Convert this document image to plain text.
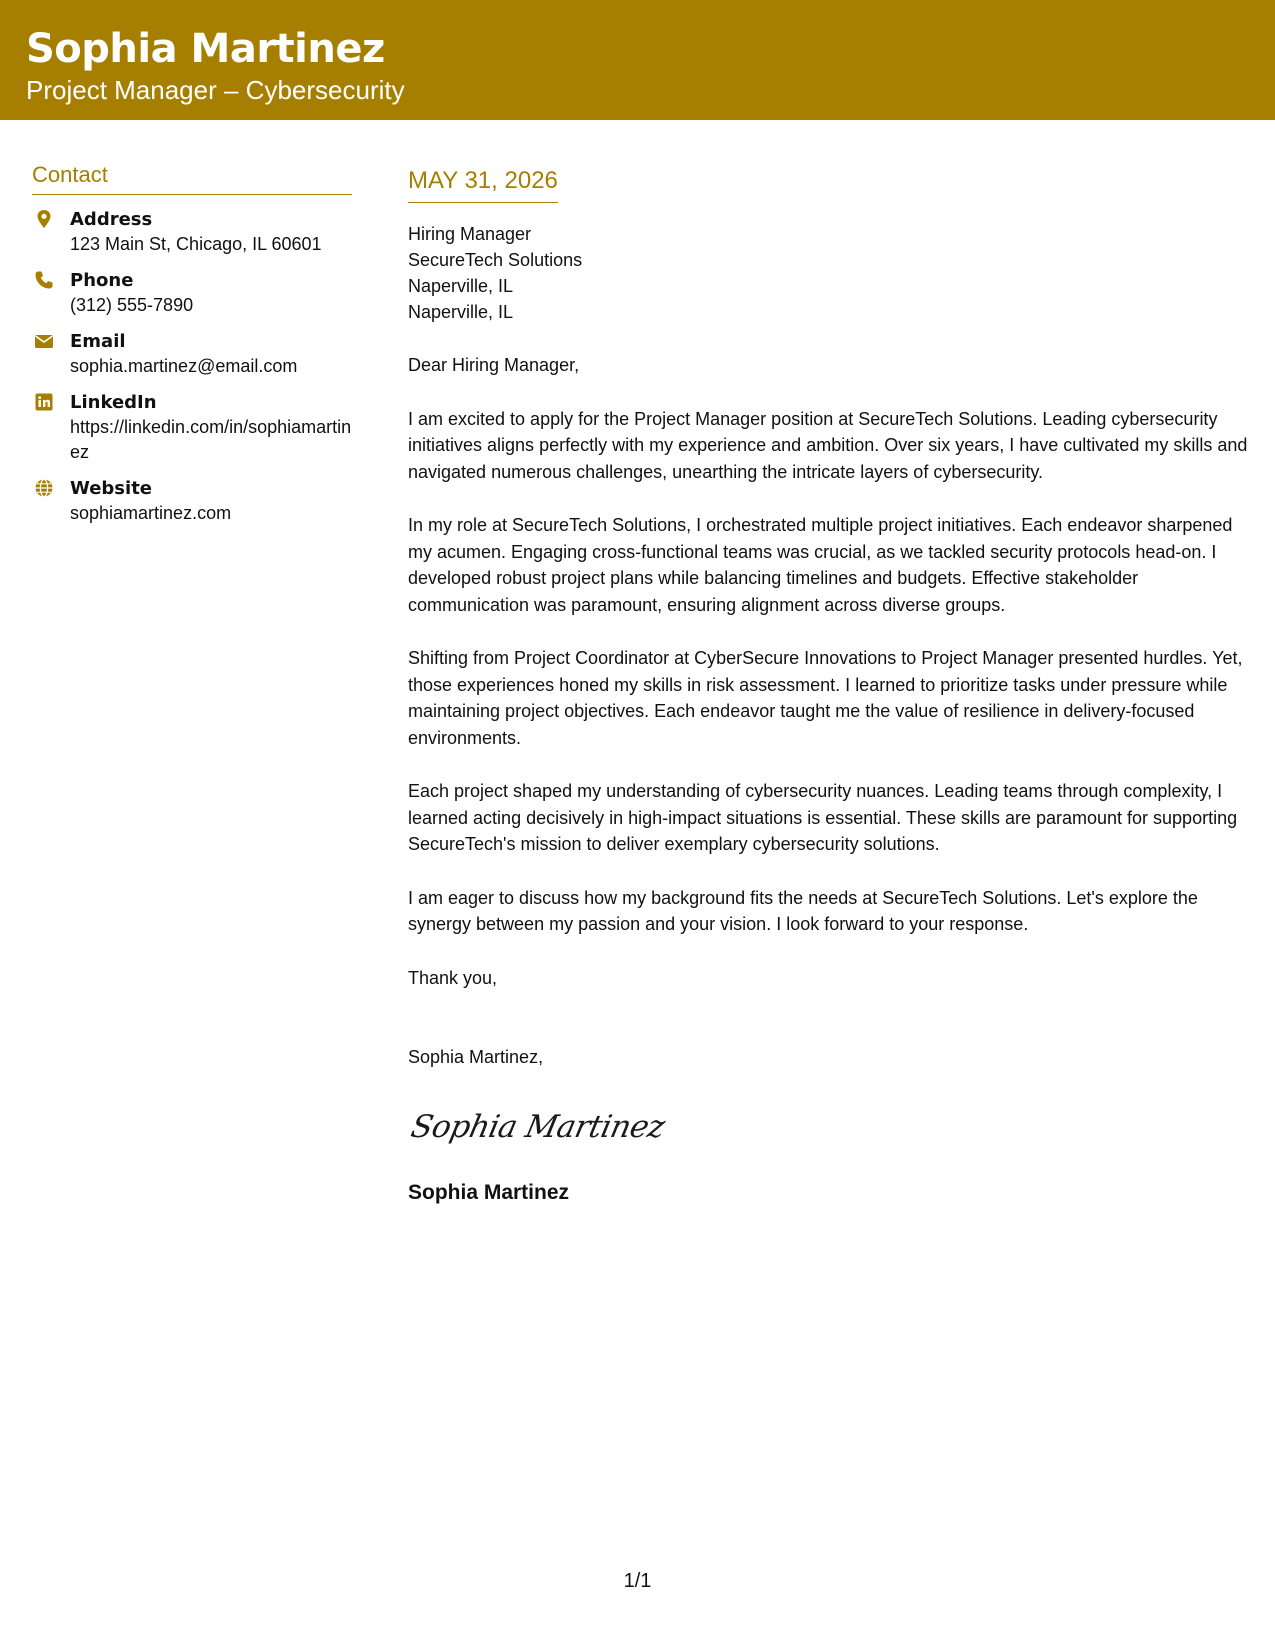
Sophia Martinez
Project Manager – Cybersecurity
Contact
Address
123 Main St, Chicago, IL 60601
Phone
(312) 555-7890
Email
sophia.martinez@email.com
LinkedIn
https://linkedin.com/in/sophiamartinez
Website
sophiamartinez.com
MAY 31, 2026
Hiring Manager
SecureTech Solutions
Naperville, IL
Naperville, IL

Dear Hiring Manager,

I am excited to apply for the Project Manager position at SecureTech Solutions. Leading cybersecurity initiatives aligns perfectly with my experience and ambition. Over six years, I have cultivated my skills and navigated numerous challenges, unearthing the intricate layers of cybersecurity.

In my role at SecureTech Solutions, I orchestrated multiple project initiatives. Each endeavor sharpened my acumen. Engaging cross-functional teams was crucial, as we tackled security protocols head-on. I developed robust project plans while balancing timelines and budgets. Effective stakeholder communication was paramount, ensuring alignment across diverse groups.

Shifting from Project Coordinator at CyberSecure Innovations to Project Manager presented hurdles. Yet, those experiences honed my skills in risk assessment. I learned to prioritize tasks under pressure while maintaining project objectives. Each endeavor taught me the value of resilience in delivery-focused environments.

Each project shaped my understanding of cybersecurity nuances. Leading teams through complexity, I learned acting decisively in high-impact situations is essential. These skills are paramount for supporting SecureTech's mission to deliver exemplary cybersecurity solutions.

I am eager to discuss how my background fits the needs at SecureTech Solutions. Let's explore the synergy between my passion and your vision. I look forward to your response.

Thank you,

Sophia Martinez,

Sophia Martinez
Sophia Martinez
1/1
